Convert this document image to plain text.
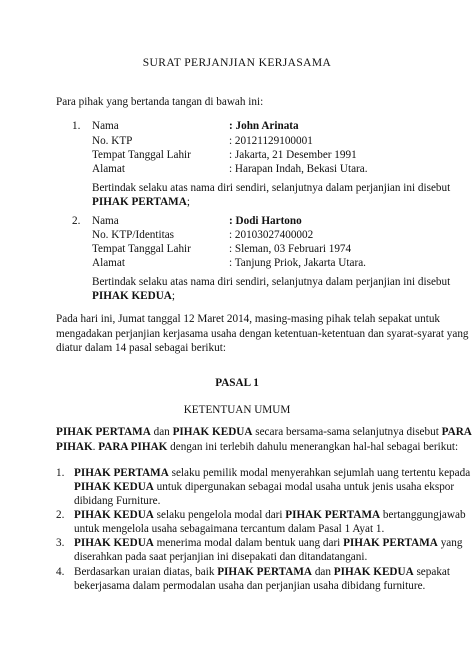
SURAT PERJANJIAN KERJASAMA
Para pihak yang bertanda tangan di bawah ini:
1. Nama	: John Arinata
No. KTP	: 20121129100001
Tempat Tanggal Lahir	: Jakarta, 21 Desember 1991
Alamat	: Harapan Indah, Bekasi Utara.
Bertindak selaku atas nama diri sendiri, selanjutnya dalam perjanjian ini disebut
PIHAK PERTAMA;
2. Nama	: Dodi Hartono
No. KTP/Identitas	: 20103027400002
Tempat Tanggal Lahir	: Sleman, 03 Februari 1974
Alamat	: Tanjung Priok, Jakarta Utara.
Bertindak selaku atas nama diri sendiri, selanjutnya dalam perjanjian ini disebut
PIHAK KEDUA;
Pada hari ini, Jumat tanggal 12 Maret 2014, masing-masing pihak telah sepakat untuk
mengadakan perjanjian kerjasama usaha dengan ketentuan-ketentuan dan syarat-syarat yang
diatur dalam 14 pasal sebagai berikut:
PASAL 1
KETENTUAN UMUM
PIHAK PERTAMA dan PIHAK KEDUA secara bersama-sama selanjutnya disebut PARA
PIHAK. PARA PIHAK dengan ini terlebih dahulu menerangkan hal-hal sebagai berikut:
1. PIHAK PERTAMA selaku pemilik modal menyerahkan sejumlah uang tertentu kepada
PIHAK KEDUA untuk dipergunakan sebagai modal usaha untuk jenis usaha ekspor
dibidang Furniture.
2. PIHAK KEDUA selaku pengelola modal dari PIHAK PERTAMA bertanggungjawab
untuk mengelola usaha sebagaimana tercantum dalam Pasal 1 Ayat 1.
3. PIHAK KEDUA menerima modal dalam bentuk uang dari PIHAK PERTAMA yang
diserahkan pada saat perjanjian ini disepakati dan ditandatangani.
4. Berdasarkan uraian diatas, baik PIHAK PERTAMA dan PIHAK KEDUA sepakat
bekerjasama dalam permodalan usaha dan perjanjian usaha dibidang furniture.
